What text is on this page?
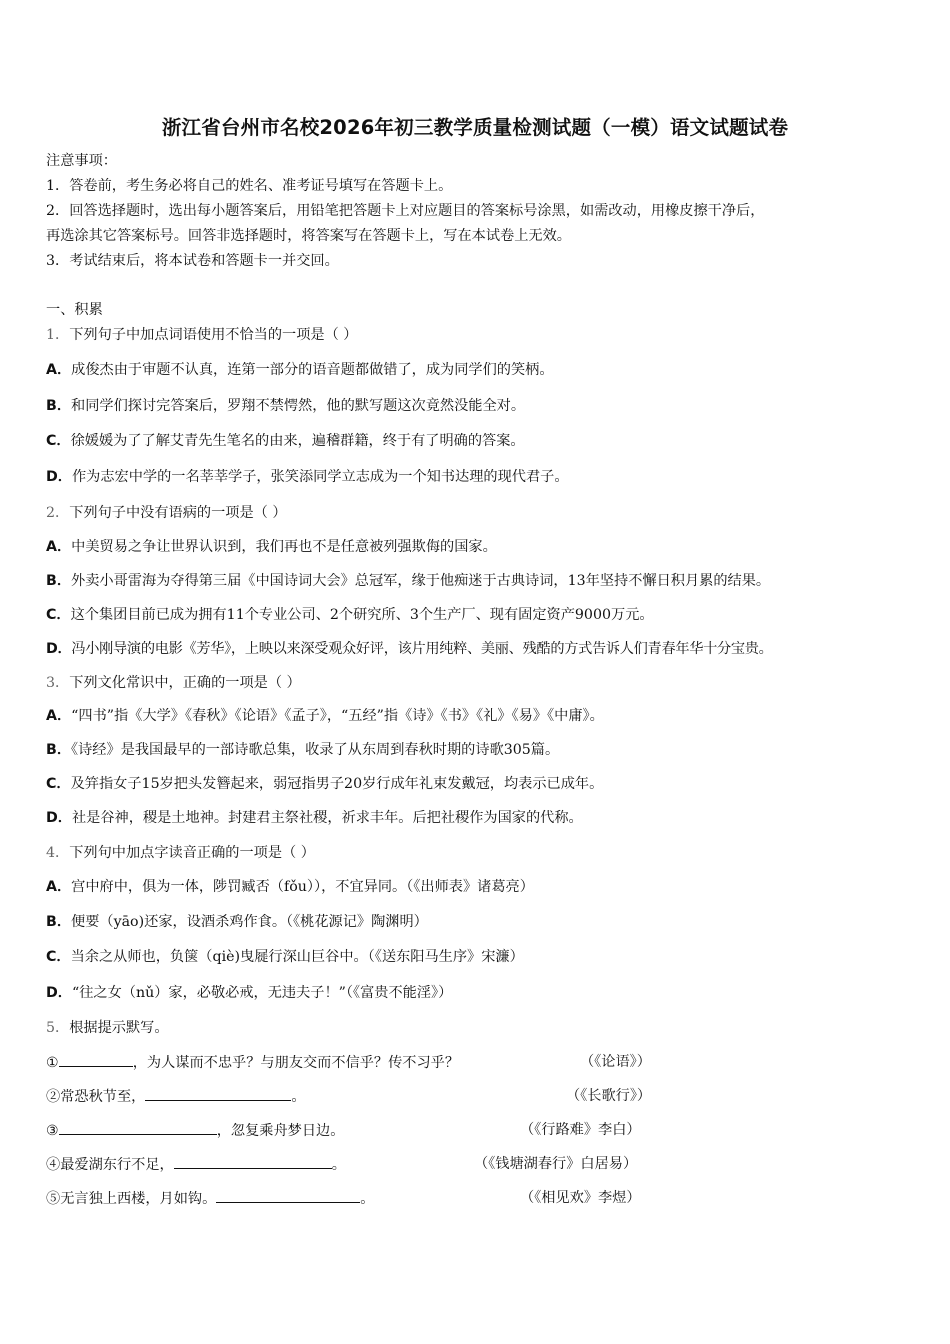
浙江省台州市名校2026年初三教学质量检测试题（一模）语文试题试卷
注意事项：
1．答卷前，考生务必将自己的姓名、准考证号填写在答题卡上。
2．回答选择题时，选出每小题答案后，用铅笔把答题卡上对应题目的答案标号涂黑，如需改动，用橡皮擦干净后，
再选涂其它答案标号。回答非选择题时，将答案写在答题卡上，写在本试卷上无效。
3．考试结束后，将本试卷和答题卡一并交回。
一、积累
1．下列句子中加点词语使用不恰当的一项是（ ）
A．成俊杰由于审题不认真，连第一部分的语音题都做错了，成为同学们的笑柄。
B．和同学们探讨完答案后，罗翔不禁愕然，他的默写题这次竟然没能全对。
C．徐媛媛为了了解艾青先生笔名的由来，遍稽群籍，终于有了明确的答案。
D．作为志宏中学的一名莘莘学子，张笑添同学立志成为一个知书达理的现代君子。
2．下列句子中没有语病的一项是（ ）
A．中美贸易之争让世界认识到，我们再也不是任意被列强欺侮的国家。
B．外卖小哥雷海为夺得第三届《中国诗词大会》总冠军，缘于他痴迷于古典诗词，13年坚持不懈日积月累的结果。
C．这个集团目前已成为拥有11个专业公司、2个研究所、3个生产厂、现有固定资产9000万元。
D．冯小刚导演的电影《芳华》，上映以来深受观众好评，该片用纯粹、美丽、残酷的方式告诉人们青春年华十分宝贵。
3．下列文化常识中，正确的一项是（ ）
A．“四书”指《大学》《春秋》《论语》《孟子》，“五经”指《诗》《书》《礼》《易》《中庸》。
B．《诗经》是我国最早的一部诗歌总集，收录了从东周到春秋时期的诗歌305篇。
C．及笄指女子15岁把头发簪起来，弱冠指男子20岁行成年礼束发戴冠，均表示已成年。
D．社是谷神，稷是土地神。封建君主祭社稷，祈求丰年。后把社稷作为国家的代称。
4．下列句中加点字读音正确的一项是（ ）
A．宫中府中，俱为一体，陟罚臧否（fǒu）），不宜异同。（《出师表》诸葛亮）
B．便要（yāo)还家，设酒杀鸡作食。（《桃花源记》陶渊明）
C．当余之从师也，负箧（qiè)曳屣行深山巨谷中。（《送东阳马生序》宋濂）
D．“往之女（nǔ）家，必敬必戒，无违夫子！”（《富贵不能淫》）
5．根据提示默写。
①	，为人谋而不忠乎？与朋友交而不信乎？传不习乎？	（《论语》）
②常恐秋节至，	。	（《长歌行》）
③	，忽复乘舟梦日边。	（《行路难》李白）
④最爱湖东行不足，	。	（《钱塘湖春行》白居易）
⑤无言独上西楼，月如钩。	。	（《相见欢》李煜）
